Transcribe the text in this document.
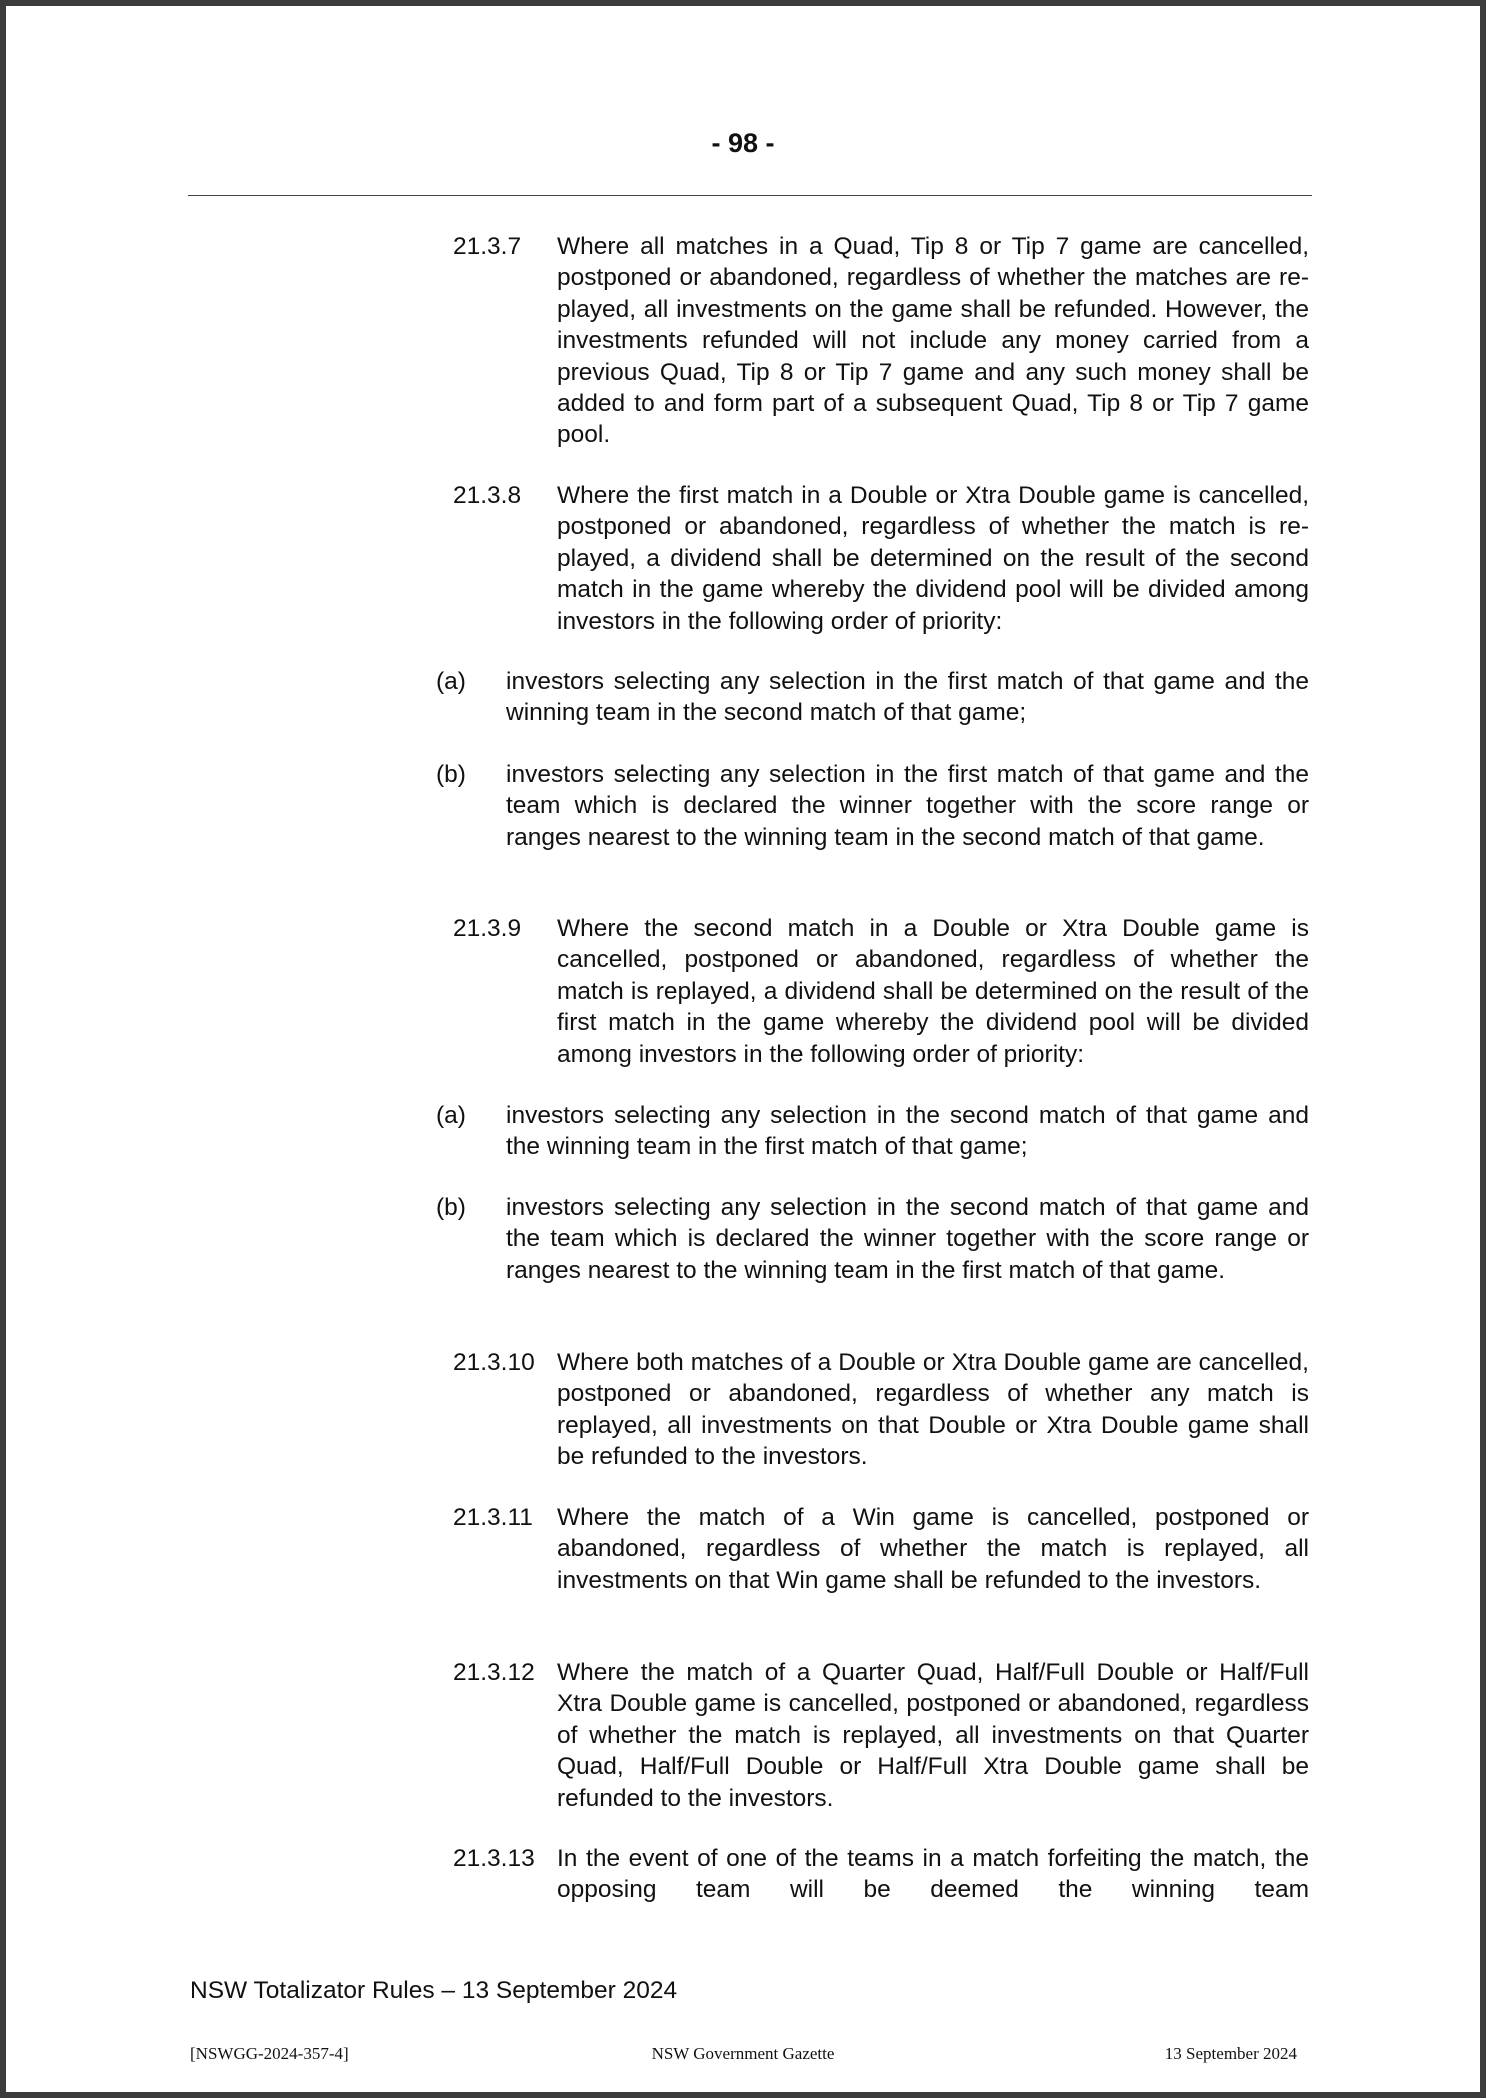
- 98 -
21.3.7 Where all matches in a Quad, Tip 8 or Tip 7 game are cancelled, postponed or abandoned, regardless of whether the matches are re-played, all investments on the game shall be refunded. However, the investments refunded will not include any money carried from a previous Quad, Tip 8 or Tip 7 game and any such money shall be added to and form part of a subsequent Quad, Tip 8 or Tip 7 game pool.
21.3.8 Where the first match in a Double or Xtra Double game is cancelled, postponed or abandoned, regardless of whether the match is re-played, a dividend shall be determined on the result of the second match in the game whereby the dividend pool will be divided among investors in the following order of priority:
(a) investors selecting any selection in the first match of that game and the winning team in the second match of that game;
(b) investors selecting any selection in the first match of that game and the team which is declared the winner together with the score range or ranges nearest to the winning team in the second match of that game.
21.3.9 Where the second match in a Double or Xtra Double game is cancelled, postponed or abandoned, regardless of whether the match is replayed, a dividend shall be determined on the result of the first match in the game whereby the dividend pool will be divided among investors in the following order of priority:
(a) investors selecting any selection in the second match of that game and the winning team in the first match of that game;
(b) investors selecting any selection in the second match of that game and the team which is declared the winner together with the score range or ranges nearest to the winning team in the first match of that game.
21.3.10 Where both matches of a Double or Xtra Double game are cancelled, postponed or abandoned, regardless of whether any match is replayed, all investments on that Double or Xtra Double game shall be refunded to the investors.
21.3.11 Where the match of a Win game is cancelled, postponed or abandoned, regardless of whether the match is replayed, all investments on that Win game shall be refunded to the investors.
21.3.12 Where the match of a Quarter Quad, Half/Full Double or Half/Full Xtra Double game is cancelled, postponed or abandoned, regardless of whether the match is replayed, all investments on that Quarter Quad, Half/Full Double or Half/Full Xtra Double game shall be refunded to the investors.
21.3.13 In the event of one of the teams in a match forfeiting the match, the opposing team will be deemed the winning team
NSW Totalizator Rules – 13 September 2024
[NSWGG-2024-357-4]	NSW Government Gazette	13 September 2024
